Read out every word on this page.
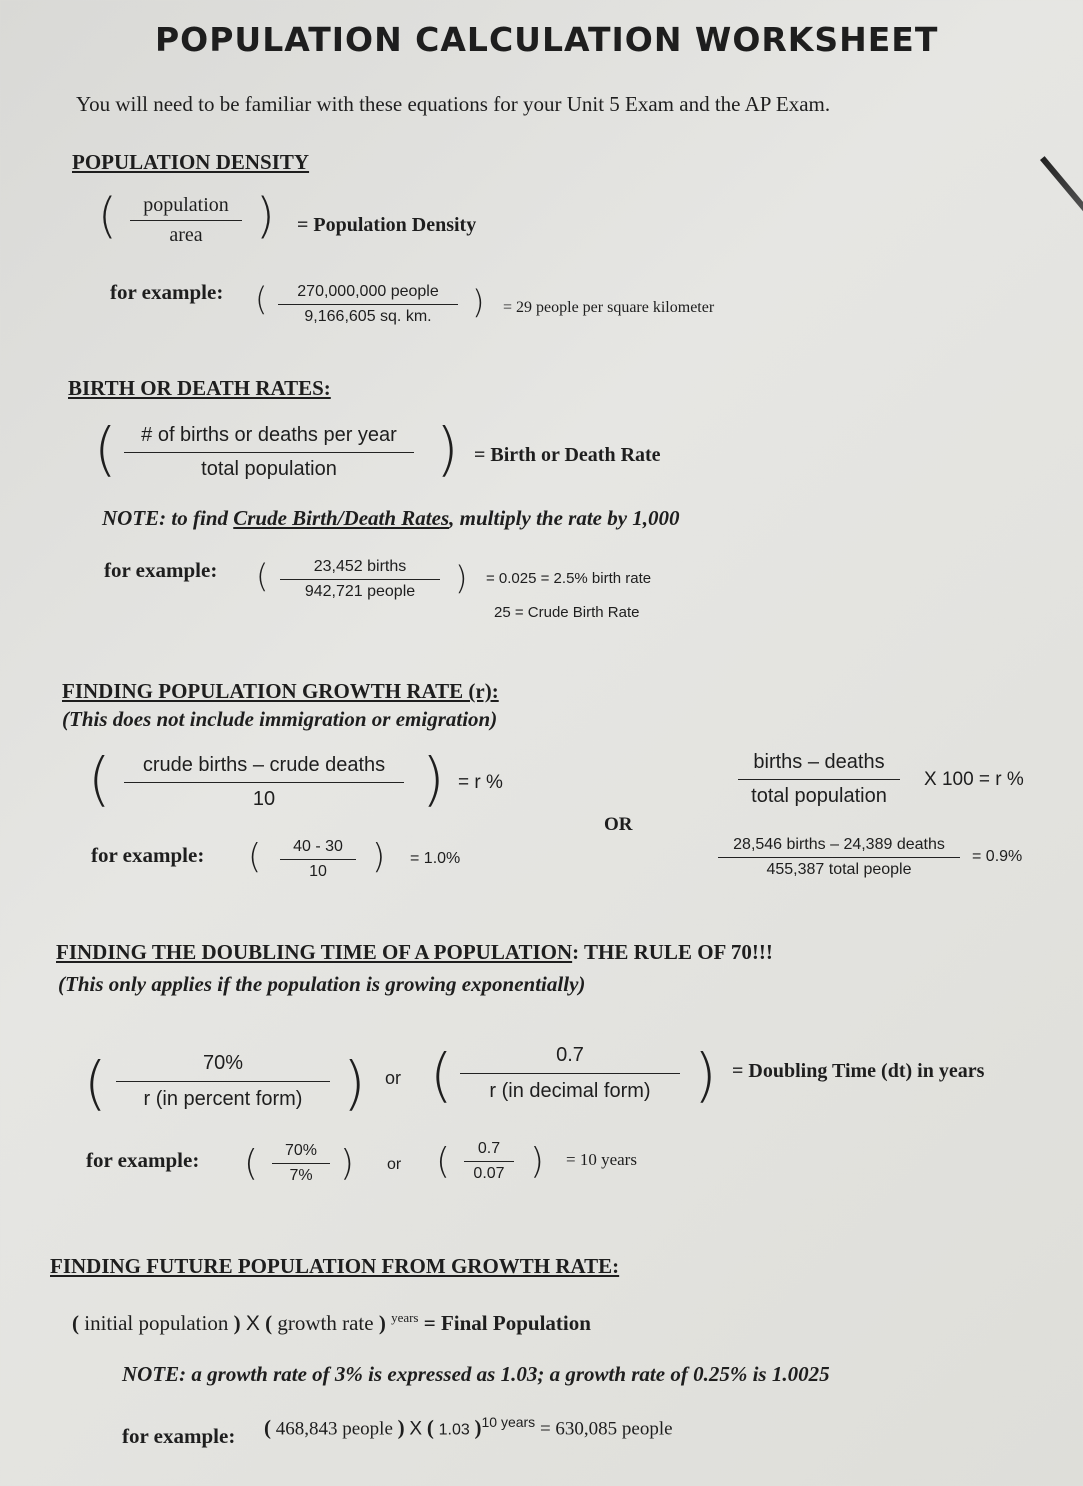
POPULATION CALCULATION WORKSHEET
You will need to be familiar with these equations for your Unit 5 Exam and the AP Exam.
POPULATION DENSITY
(	population
area	) = Population Density
for example: (	270,000,000 people
9,166,605 sq. km.	) = 29 people per square kilometer
BIRTH OR DEATH RATES:
(	# of births or deaths per year
total population	) = Birth or Death Rate
NOTE: to find Crude Birth/Death Rates, multiply the rate by 1,000
for example: (	23,452 births
942,721 people	) = 0.025 = 2.5% birth rate
25 = Crude Birth Rate
FINDING POPULATION GROWTH RATE (r):
(This does not include immigration or emigration)
(	crude births – crude deaths
10	) = r %
births – deaths
total population
X 100 = r %
OR
for example: ( $\frac{40 - 30}{10}$ ) = 1.0%
28,546 births – 24,389 deaths
455,387 total people
= 0.9%
FINDING THE DOUBLING TIME OF A POPULATION: THE RULE OF 70!!!
(This only applies if the population is growing exponentially)
(	70%
r (in percent form) ) or (	0.7
r (in decimal form) ) = Doubling Time (dt) in years
for example: ( $\frac{70\%}{7\%}$ ) or ( $\frac{0.7}{0.07}$ ) = 10 years
FINDING FUTURE POPULATION FROM GROWTH RATE:
( initial population ) X ( growth rate ) $^{years}$ = Final Population
NOTE: a growth rate of 3% is expressed as 1.03; a growth rate of 0.25% is 1.0025
for example: ( 468,843 people ) X ( 1.03 )$^{10 years}$ = 630,085 people
